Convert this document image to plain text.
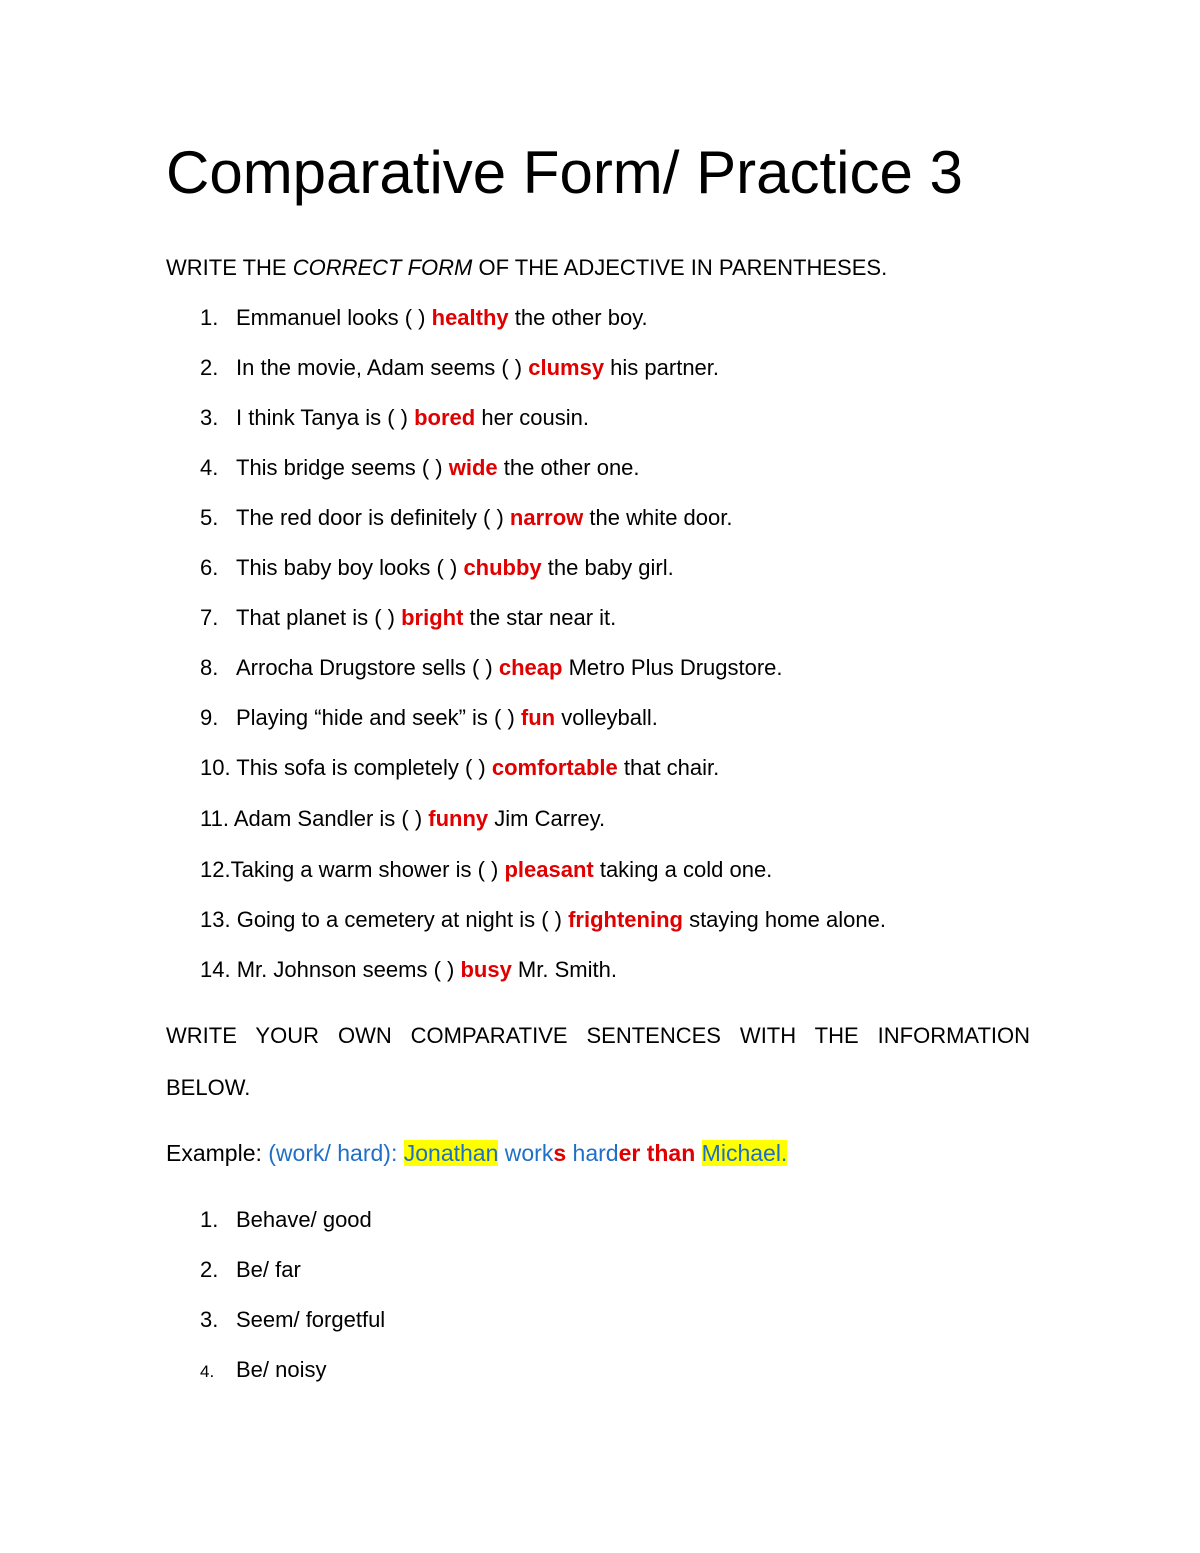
Comparative Form/ Practice 3
WRITE THE CORRECT FORM OF THE ADJECTIVE IN PARENTHESES.
1. Emmanuel looks ( ) healthy the other boy.
2. In the movie, Adam seems ( ) clumsy his partner.
3. I think Tanya is ( ) bored her cousin.
4. This bridge seems ( ) wide the other one.
5. The red door is definitely ( ) narrow the white door.
6. This baby boy looks ( ) chubby the baby girl.
7. That planet is ( ) bright the star near it.
8. Arrocha Drugstore sells ( ) cheap Metro Plus Drugstore.
9. Playing “hide and seek” is ( ) fun volleyball.
10. This sofa is completely ( ) comfortable that chair.
11. Adam Sandler is ( ) funny Jim Carrey.
12.Taking a warm shower is ( ) pleasant taking a cold one.
13. Going to a cemetery at night is ( ) frightening staying home alone.
14. Mr. Johnson seems ( ) busy Mr. Smith.

WRITE YOUR OWN COMPARATIVE SENTENCES WITH THE INFORMATION BELOW.

Example: (work/ hard): Jonathan works harder than Michael.
1. Behave/ good
2. Be/ far
3. Seem/ forgetful
4. Be/ noisy
